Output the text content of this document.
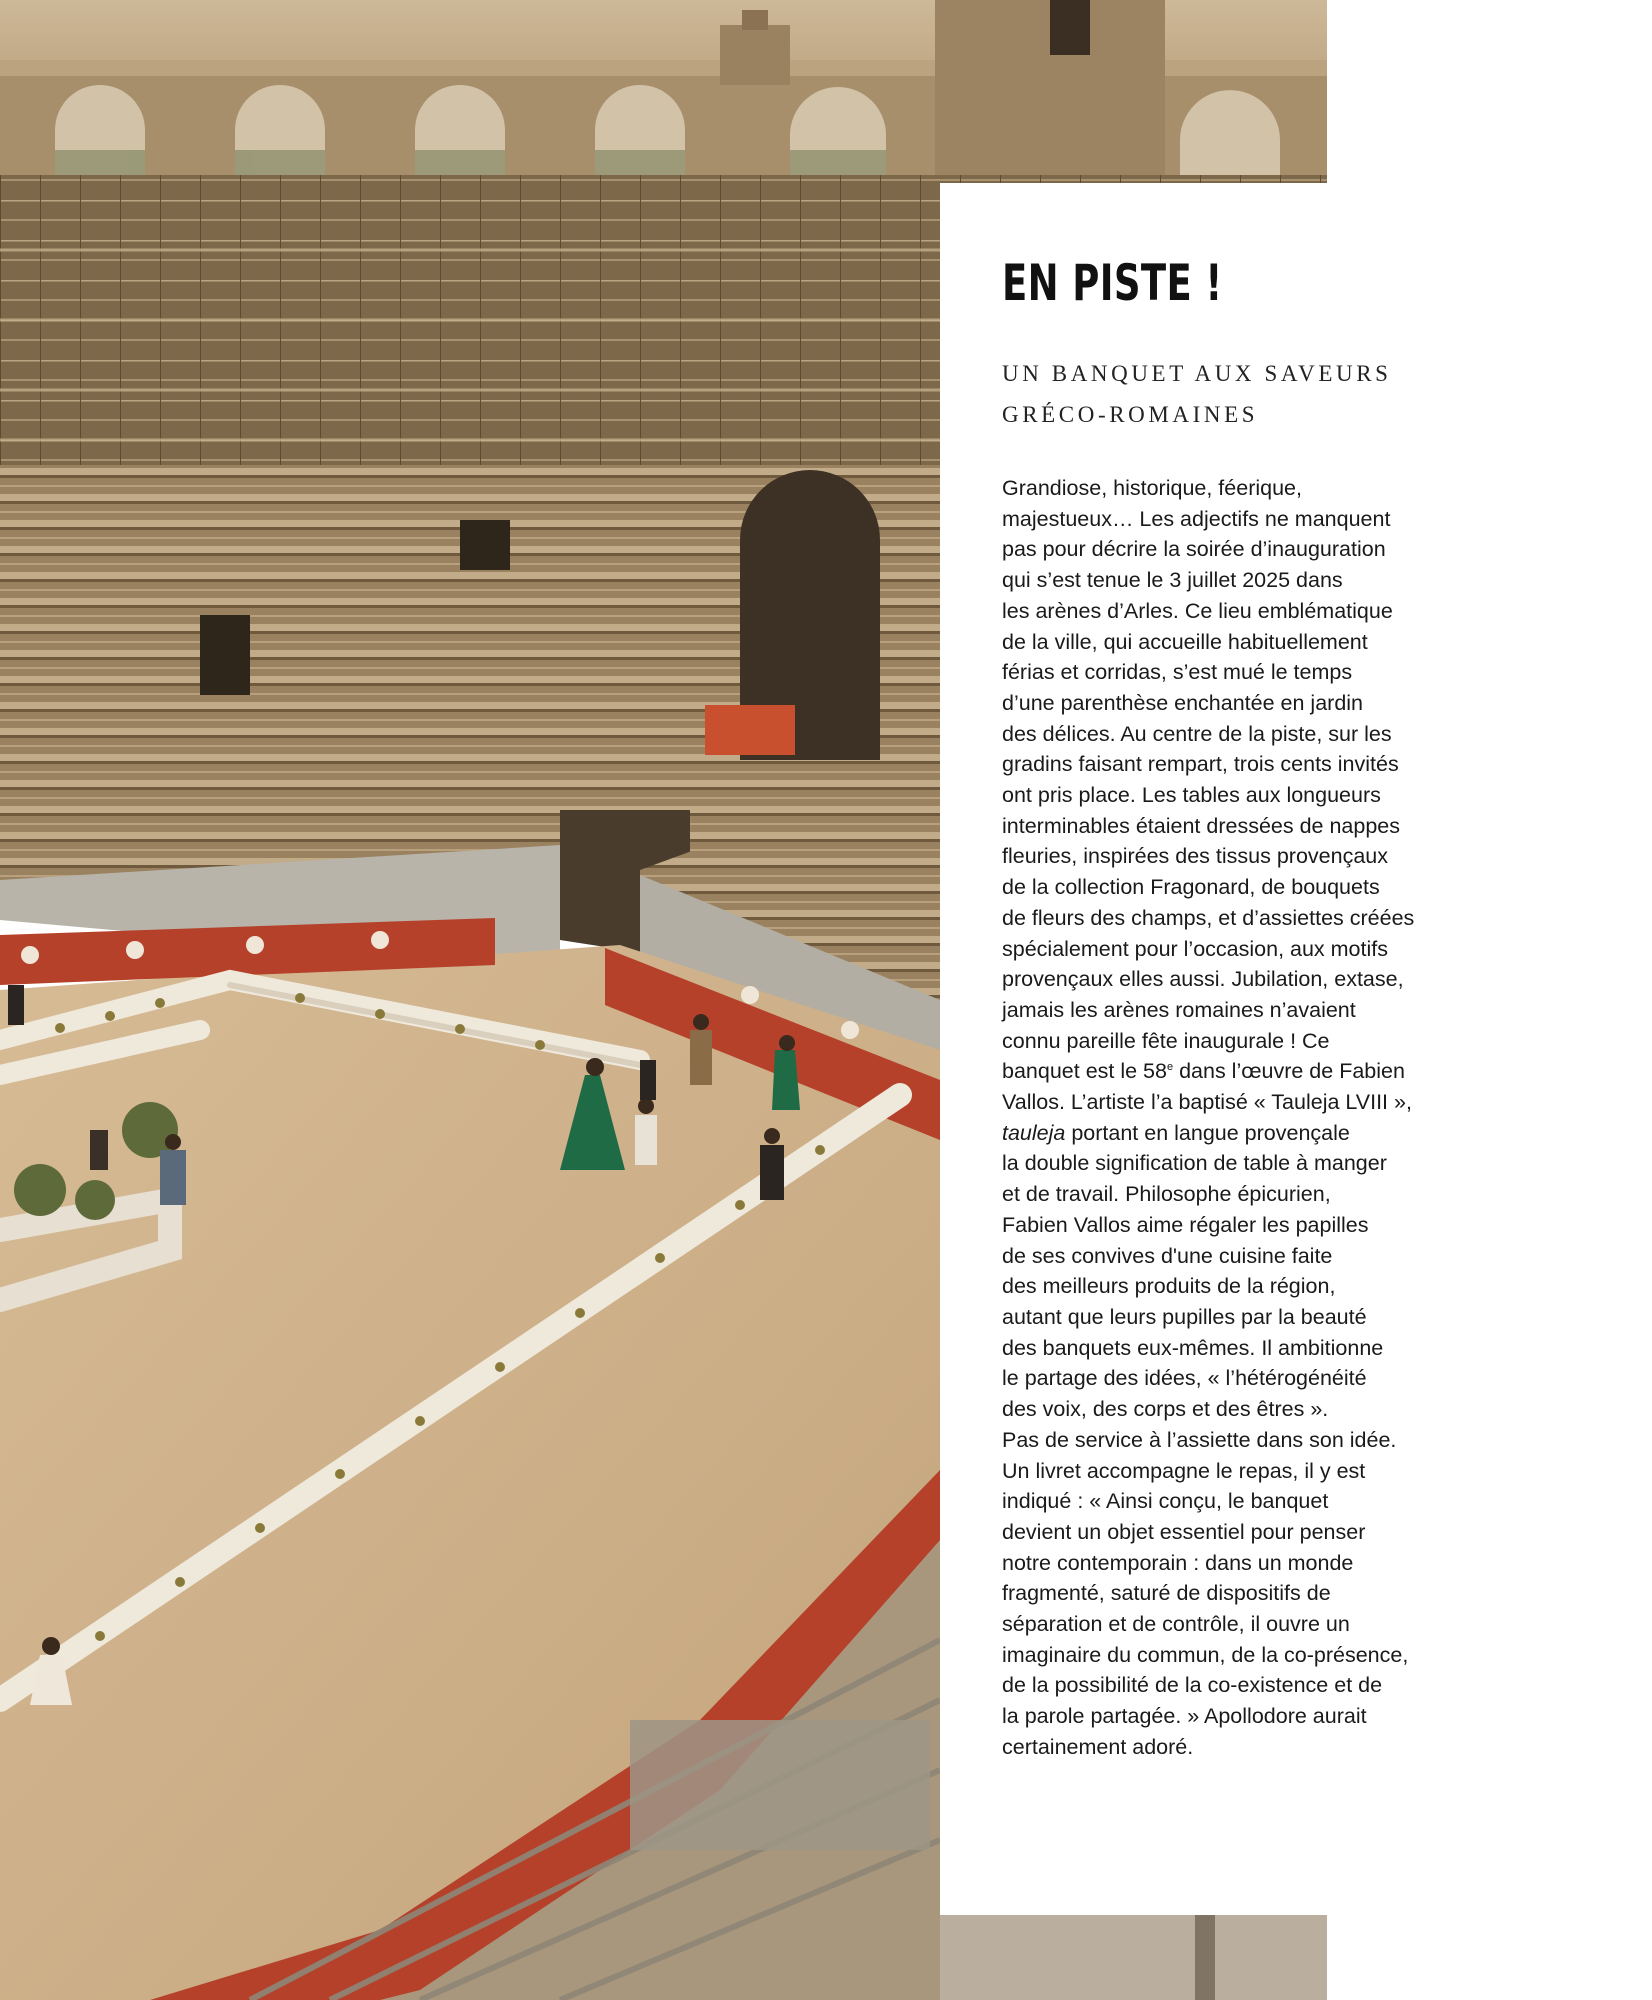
EN PISTE !
UN BANQUET AUX SAVEURS
GRÉCO-ROMAINES
Grandiose, historique, féerique,
majestueux… Les adjectifs ne manquent
pas pour décrire la soirée d’inauguration
qui s’est tenue le 3 juillet 2025 dans
les arènes d’Arles. Ce lieu emblématique
de la ville, qui accueille habituellement
férias et corridas, s’est mué le temps
d’une parenthèse enchantée en jardin
des délices. Au centre de la piste, sur les
gradins faisant rempart, trois cents invités
ont pris place. Les tables aux longueurs
interminables étaient dressées de nappes
fleuries, inspirées des tissus provençaux
de la collection Fragonard, de bouquets
de fleurs des champs, et d’assiettes créées
spécialement pour l’occasion, aux motifs
provençaux elles aussi. Jubilation, extase,
jamais les arènes romaines n’avaient
connu pareille fête inaugurale ! Ce
banquet est le 58e dans l’œuvre de Fabien
Vallos. L’artiste l’a baptisé « Tauleja LVIII »,
tauleja portant en langue provençale
la double signification de table à manger
et de travail. Philosophe épicurien,
Fabien Vallos aime régaler les papilles
de ses convives d'une cuisine faite
des meilleurs produits de la région,
autant que leurs pupilles par la beauté
des banquets eux-mêmes. Il ambitionne
le partage des idées, « l’hétérogénéité
des voix, des corps et des êtres ».
Pas de service à l’assiette dans son idée.
Un livret accompagne le repas, il y est
indiqué : « Ainsi conçu, le banquet
devient un objet essentiel pour penser
notre contemporain : dans un monde
fragmenté, saturé de dispositifs de
séparation et de contrôle, il ouvre un
imaginaire du commun, de la co-présence,
de la possibilité de la co-existence et de
la parole partagée. » Apollodore aurait
certainement adoré.
